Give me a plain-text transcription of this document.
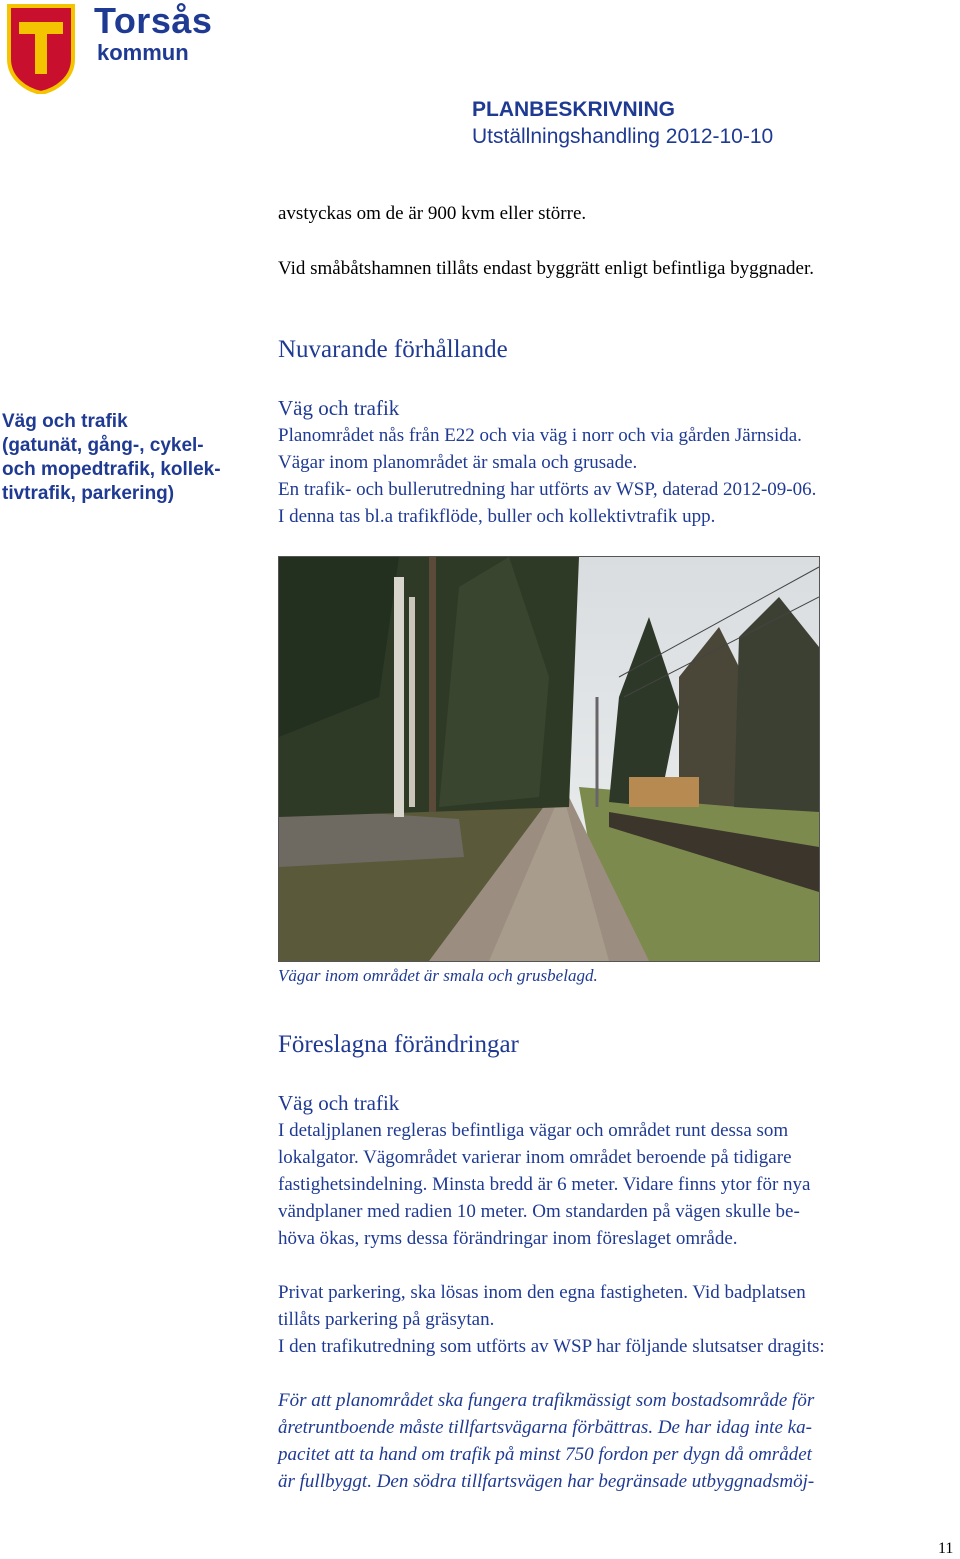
Torsås
kommun
PLANBESKRIVNING
Utställningshandling 2012-10-10
avstyckas om de är 900 kvm eller större.
Vid småbåtshamnen tillåts endast byggrätt enligt befintliga byggnader.
Nuvarande förhållande
Väg och trafik
(gatunät, gång-, cykel-
och mopedtrafik, kollek-
tivtrafik, parkering)
Väg och trafik
Planområdet nås från E22 och via väg i norr och via gården Järnsida.
Vägar inom planområdet är smala och grusade.
En trafik- och bullerutredning har utförts av WSP, daterad 2012-09-06.
I denna tas bl.a trafikflöde, buller och kollektivtrafik upp.
Vägar inom området är smala och grusbelagd.
Föreslagna förändringar
Väg och trafik
I detaljplanen regleras befintliga vägar och området runt dessa som
lokalgator. Vägområdet varierar inom området beroende på tidigare
fastighetsindelning. Minsta bredd är 6 meter. Vidare finns ytor för nya
vändplaner med radien 10 meter. Om standarden på vägen skulle be-
höva ökas, ryms dessa förändringar inom föreslaget område.
Privat parkering, ska lösas inom den egna fastigheten. Vid badplatsen
tillåts parkering på gräsytan.
I den trafikutredning som utförts av WSP har följande slutsatser dragits:
För att planområdet ska fungera trafikmässigt som bostadsområde för
åretruntboende måste tillfartsvägarna förbättras. De har idag inte ka-
pacitet att ta hand om trafik på minst 750 fordon per dygn då området
är fullbyggt. Den södra tillfartsvägen har begränsade utbyggnadsmöj-
11
